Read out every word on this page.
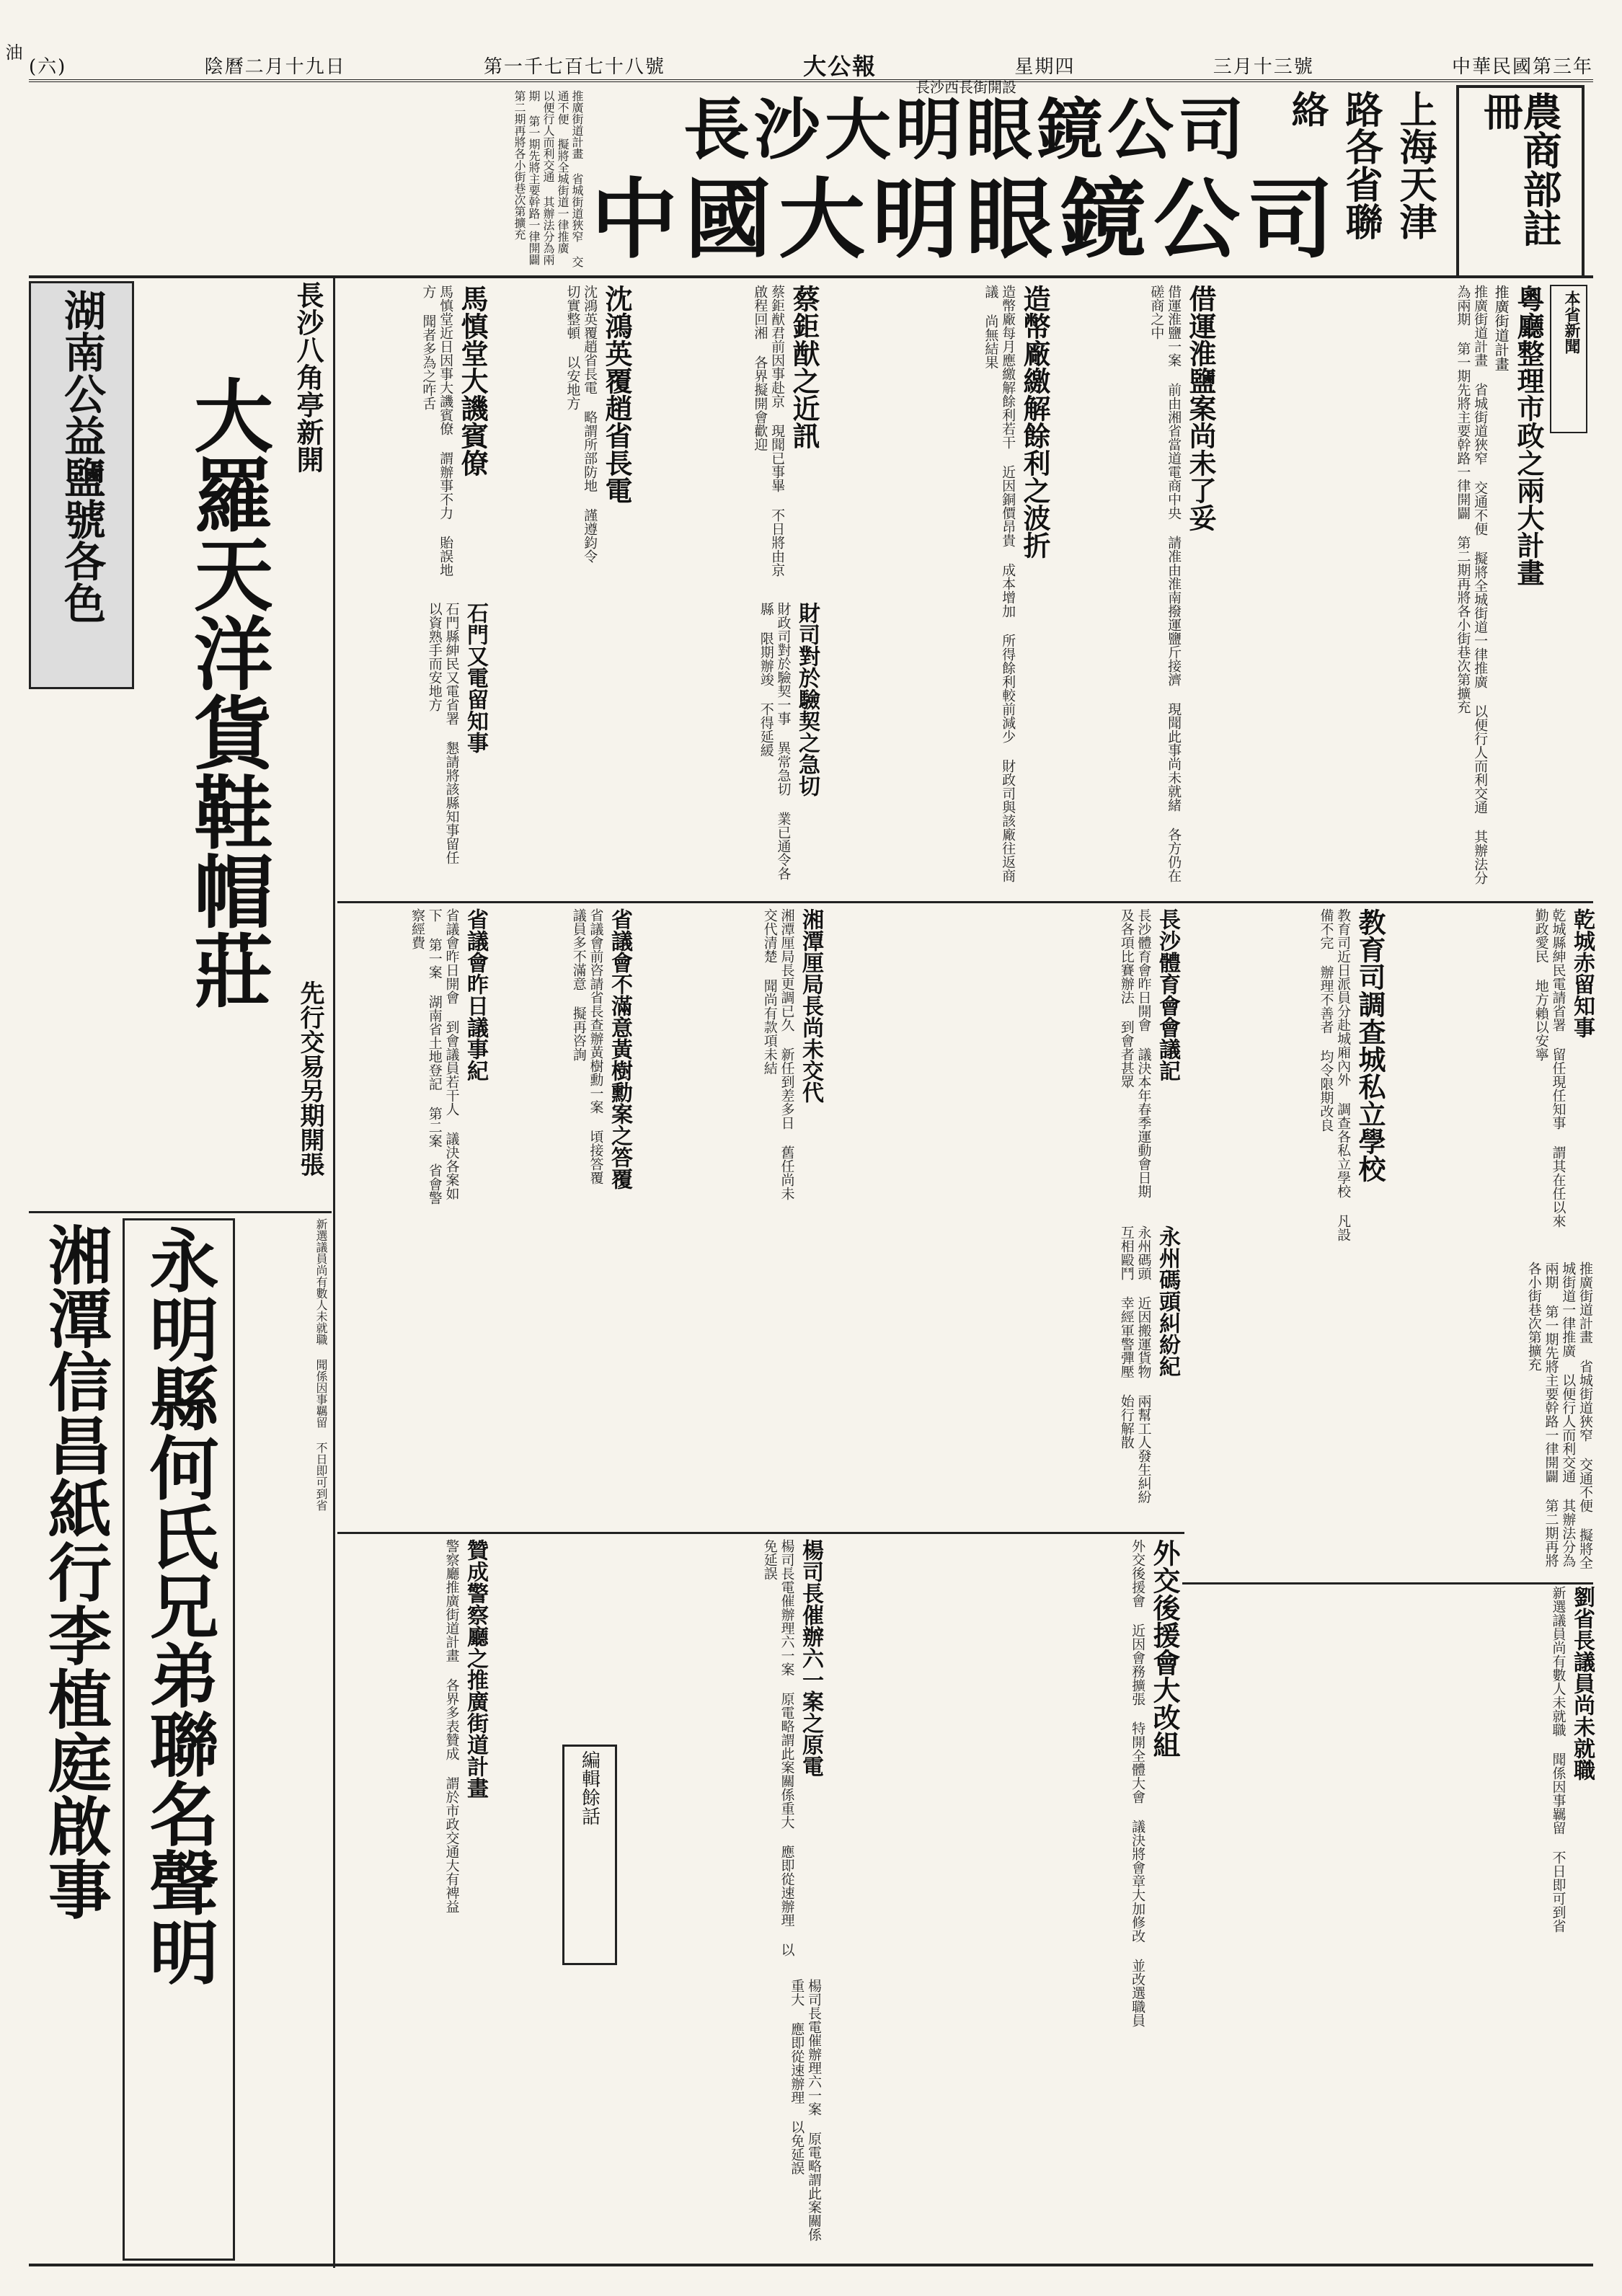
(六)	陰曆二月十九日	第一千七百七十八號	大公報	星期四	三月十三號	中華民國第三年
農商部註冊
上海天津路各省聯絡
長沙大明眼鏡公司
中國大明眼鏡公司
長沙西長街開設
推廣街道計畫 省城街道狹窄 交通不便 擬將全城街道一律推廣 以便行人而利交通 其辦法分為兩期 第一期先將主要幹路一律開闢 第二期再將各小街巷次第擴充
油
湖南公益鹽號各色 大羅天洋貨鞋帽莊 長沙八角亭新開
先行交易另期開張
永明縣何氏兄弟聯名聲明
湘潭信昌紙行李植庭啟事	新選議員尚有數人未就職 聞係因事羈留 不日即可到省
本省新聞
粵廳整理市政之兩大計畫
推廣街道計畫
推廣街道計畫 省城街道狹窄 交通不便 擬將全城街道一律推廣 以便行人而利交通 其辦法分為兩期 第一期先將主要幹路一律開闢 第二期再將各小街巷次第擴充
借運淮鹽案尚未了妥
借運淮鹽一案 前由湘省當道電商中央 請准由淮南撥運鹽斤接濟 現聞此事尚未就緒 各方仍在磋商之中
造幣廠繳解餘利之波折
造幣廠每月應繳解餘利若干 近因銅價昂貴 成本增加 所得餘利較前減少 財政司與該廠往返商議 尚無結果
蔡鉅猷之近訊
蔡鉅猷君前因事赴京 現聞已事畢 不日將由京啟程回湘 各界擬開會歡迎
沈鴻英覆趙省長電
沈鴻英覆趙省長電 略謂所部防地 謹遵鈞令 切實整頓 以安地方
馬慎堂大譏賓僚
馬慎堂近日因事大譏賓僚 謂辦事不力 貽誤地方 聞者多為之咋舌
財司對於驗契之急切
財政司對於驗契一事 異常急切 業已通令各縣 限期辦竣 不得延緩
石門又電留知事
石門縣紳民又電省署 懇請將該縣知事留任 以資熟手而安地方
湘潭厘局長尚未交代
湘潭厘局長更調已久 新任到差多日 舊任尚未交代清楚 聞尚有款項未結
省議會不滿意黃樹勳案之答覆
省議會前咨請省長查辦黃樹勳一案 頃接答覆 議員多不滿意 擬再咨詢
省議會昨日議事紀
省議會昨日開會 到會議員若干人 議決各案如下 第一案 湖南省土地登記 第二案 省會警察經費	長沙體育會會議記
長沙體育會昨日開會 議決本年春季運動會日期 及各項比賽辦法 到會者甚眾	教育司調查城私立學校
教育司近日派員分赴城廂內外 調查各私立學校 凡設備不完 辦理不善者 均令限期改良	乾城赤留知事
乾城縣紳民電請省署 留任現任知事 謂其在任以來 勤政愛民 地方賴以安寧
永州碼頭糾紛紀
永州碼頭 近因搬運貨物 兩幫工人發生糾紛 互相毆鬥 幸經軍警彈壓 始行解散	推廣街道計畫 省城街道狹窄 交通不便 擬將全城街道一律推廣 以便行人而利交通 其辦法分為兩期 第一期先將主要幹路一律開闢 第二期再將各小街巷次第擴充
外交後援會大改組
外交後援會 近因會務擴張 特開全體大會 議決將會章大加修改 並改選職員
楊司長催辦六一案之原電
楊司長電催辦理六一案 原電略謂此案關係重大 應即從速辦理 以免延誤
贊成警察廳之推廣街道計畫
警察廳推廣街道計畫 各界多表贊成 謂於市政交通大有裨益	劉省長議員尚未就職
新選議員尚有數人未就職 聞係因事羈留 不日即可到省
編輯餘話
楊司長電催辦理六一案 原電略謂此案關係重大 應即從速辦理 以免延誤
